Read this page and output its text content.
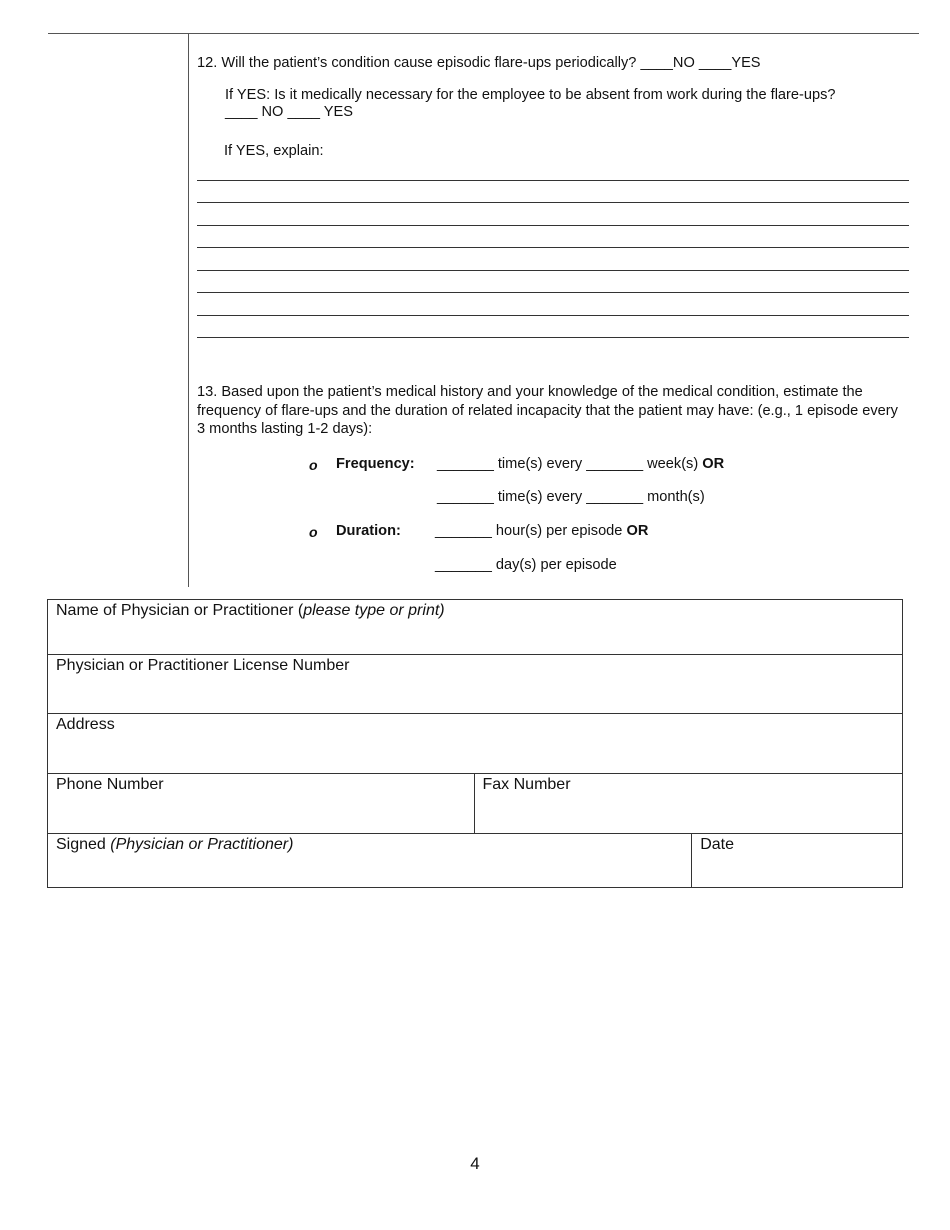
12. Will the patient’s condition cause episodic flare-ups periodically? ____NO ____YES
If YES: Is it medically necessary for the employee to be absent from work during the flare-ups?
____ NO ____ YES
If YES, explain:
13. Based upon the patient’s medical history and your knowledge of the medical condition, estimate the frequency of flare-ups and the duration of related incapacity that the patient may have: (e.g., 1 episode every 3 months lasting 1-2 days):
o Frequency: _______ time(s) every _______ week(s) OR
_______ time(s) every _______ month(s)
o Duration: _______ hour(s) per episode OR
_______ day(s) per episode
Name of Physician or Practitioner (please type or print)		

Physician or Practitioner License Number		

Address		

Phone Number	Fax Number	

Signed (Physician or Practitioner)		Date
4
